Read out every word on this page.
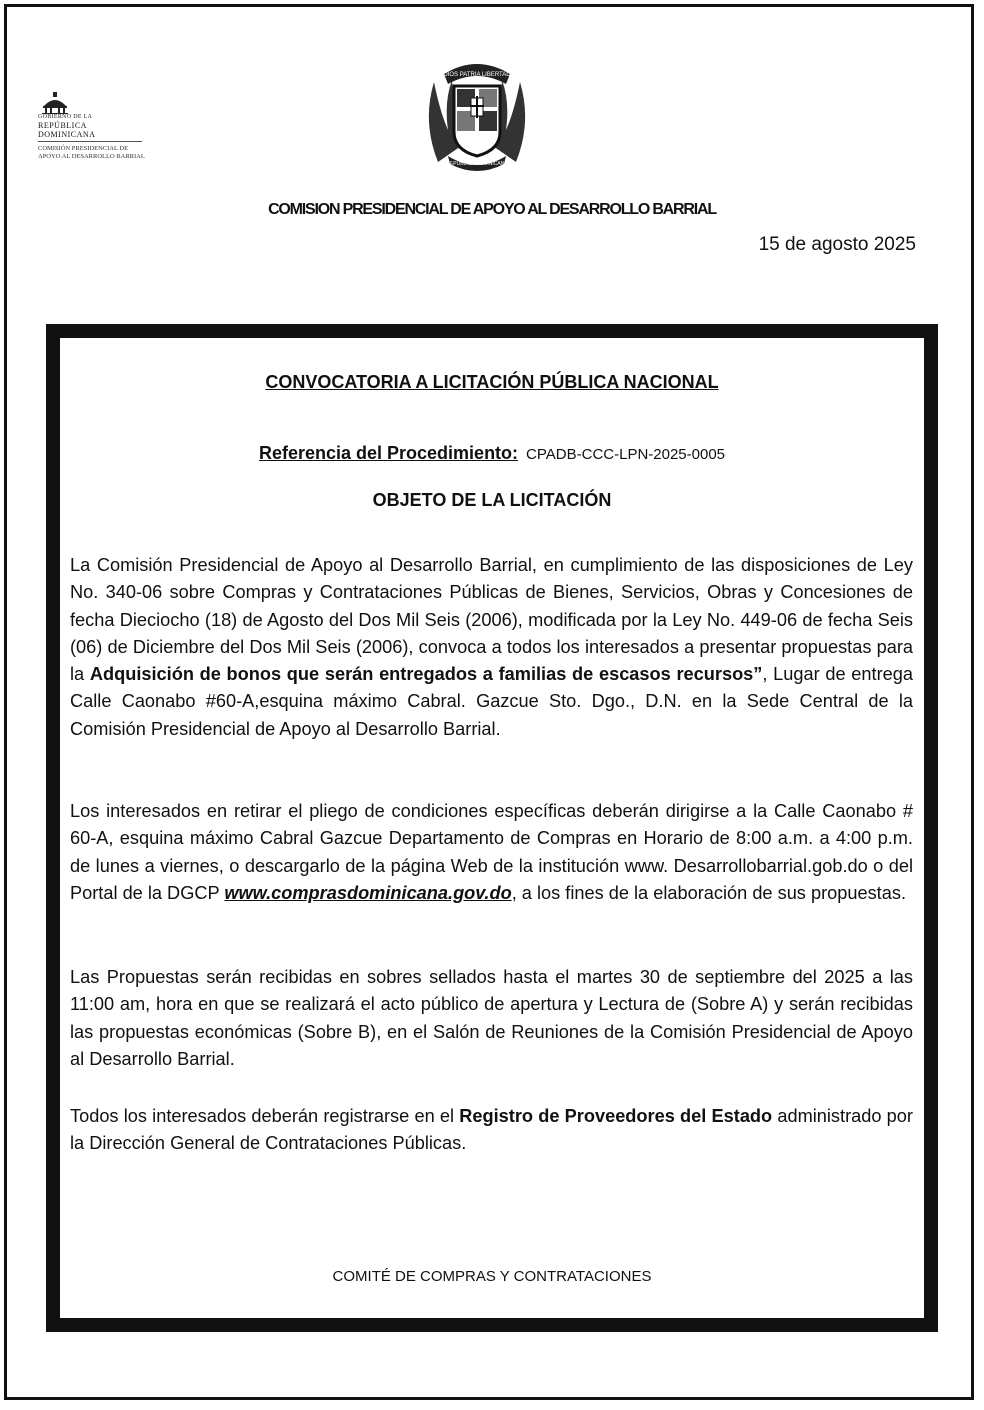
GOBIERNO DE LA
REPÚBLICA DOMINICANA
COMISIÓN PRESIDENCIAL DE
APOYO AL DESARROLLO BARRIAL
DIOS PATRIA LIBERTAD
REPUBLICA DOMINICANA
COMISION PRESIDENCIAL DE APOYO AL DESARROLLO BARRIAL
15 de agosto 2025
CONVOCATORIA A LICITACIÓN PÚBLICA NACIONAL
Referencia del Procedimiento: CPADB-CCC-LPN-2025-0005
OBJETO DE LA LICITACIÓN

La Comisión Presidencial de Apoyo al Desarrollo Barrial, en cumplimiento de las disposiciones de Ley No. 340-06 sobre Compras y Contrataciones Públicas de Bienes, Servicios, Obras y Concesiones de fecha Dieciocho (18) de Agosto del Dos Mil Seis (2006), modificada por la Ley No. 449-06 de fecha Seis (06) de Diciembre del Dos Mil Seis (2006), convoca a todos los interesados a presentar propuestas para la Adquisición de bonos que serán entregados a familias de escasos recursos”, Lugar de entrega Calle Caonabo #60-A,esquina máximo Cabral. Gazcue Sto. Dgo., D.N. en la Sede Central de la Comisión Presidencial de Apoyo al Desarrollo Barrial.

Los interesados en retirar el pliego de condiciones específicas deberán dirigirse a la Calle Caonabo # 60-A, esquina máximo Cabral Gazcue Departamento de Compras en Horario de 8:00 a.m. a 4:00 p.m. de lunes a viernes, o descargarlo de la página Web de la institución www. Desarrollobarrial.gob.do o del Portal de la DGCP www.comprasdominicana.gov.do, a los fines de la elaboración de sus propuestas.

Las Propuestas serán recibidas en sobres sellados hasta el martes 30 de septiembre del 2025 a las 11:00 am, hora en que se realizará el acto público de apertura y Lectura de (Sobre A) y serán recibidas las propuestas económicas (Sobre B), en el Salón de Reuniones de la Comisión Presidencial de Apoyo al Desarrollo Barrial.

Todos los interesados deberán registrarse en el Registro de Proveedores del Estado administrado por la Dirección General de Contrataciones Públicas.

COMITÉ DE COMPRAS Y CONTRATACIONES
